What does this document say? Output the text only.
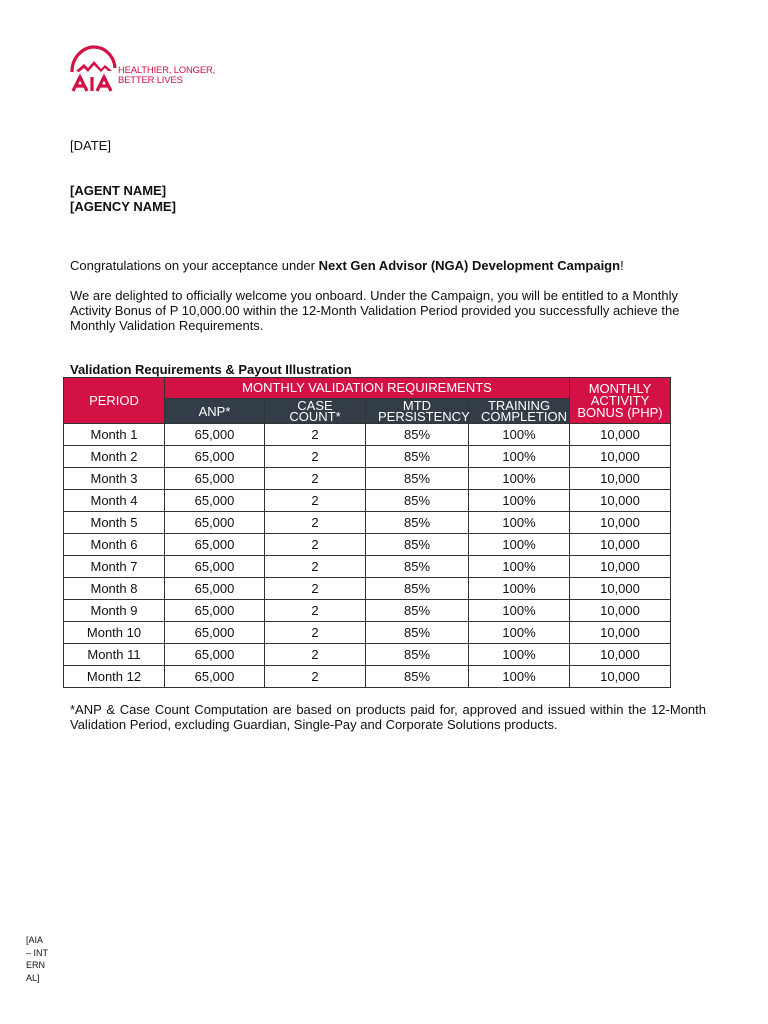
HEALTHIER, LONGER,
BETTER LIVES
[DATE]
[AGENT NAME]
[AGENCY NAME]
Congratulations on your acceptance under Next Gen Advisor (NGA) Development Campaign!
We are delighted to officially welcome you onboard. Under the Campaign, you will be entitled to a Monthly Activity Bonus of P 10,000.00 within the 12-Month Validation Period provided you successfully achieve the Monthly Validation Requirements.
Validation Requirements & Payout Illustration
PERIOD	MONTHLY VALIDATION REQUIREMENTS				MONTHLY ACTIVITY BONUS (PHP)
	ANP*	CASE COUNT*	MTD PERSISTENCY	TRAINING COMPLETION	
Month 1	65,000	2	85%	100%	10,000
Month 2	65,000	2	85%	100%	10,000
Month 3	65,000	2	85%	100%	10,000
Month 4	65,000	2	85%	100%	10,000
Month 5	65,000	2	85%	100%	10,000
Month 6	65,000	2	85%	100%	10,000
Month 7	65,000	2	85%	100%	10,000
Month 8	65,000	2	85%	100%	10,000
Month 9	65,000	2	85%	100%	10,000
Month 10	65,000	2	85%	100%	10,000
Month 11	65,000	2	85%	100%	10,000
Month 12	65,000	2	85%	100%	10,000
*ANP & Case Count Computation are based on products paid for, approved and issued within the 12-Month Validation Period, excluding Guardian, Single-Pay and Corporate Solutions products.
[AIA – INTERNAL]
